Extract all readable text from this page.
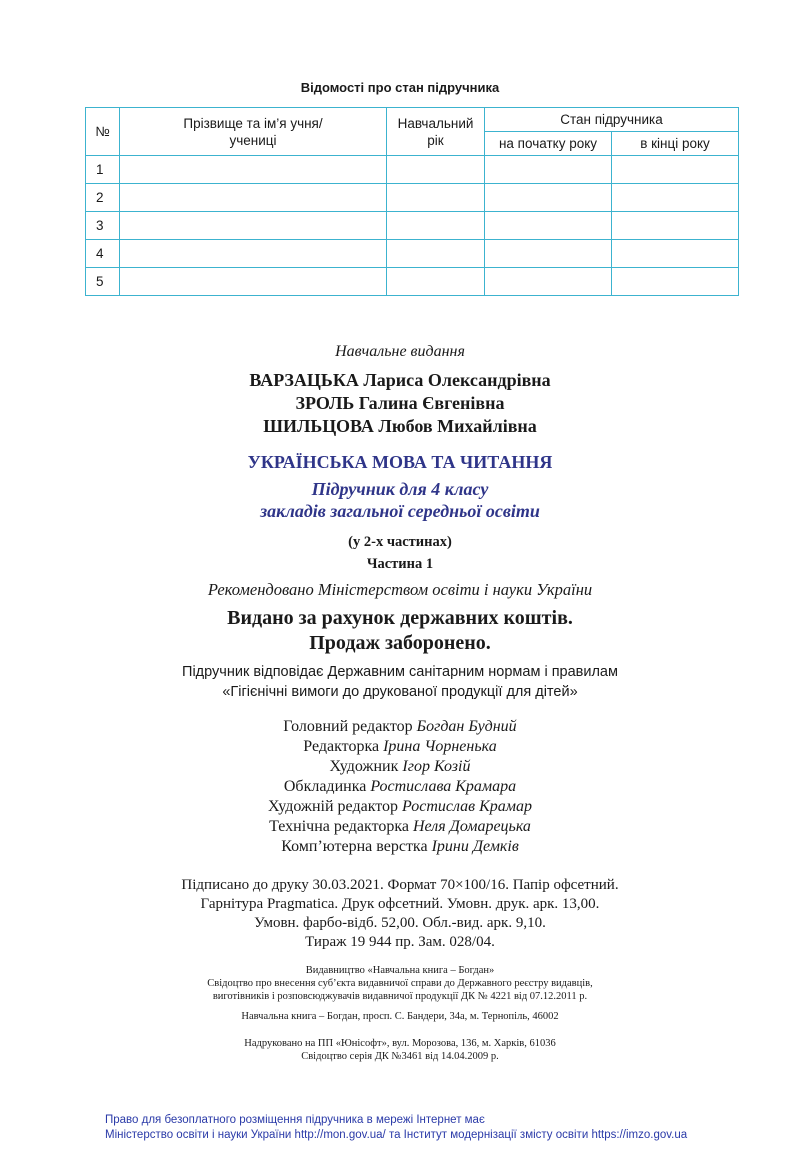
Відомості про стан підручника
№	Прізвище та ім’я учня/учениці	Навчальний рік	Стан підручника	
			на початку року	в кінці року
1				
2				
3				
4				
5				
Навчальне видання
ВАРЗАЦЬКА Лариса Олександрівна
ЗРОЛЬ Галина Євгенівна
ШИЛЬЦОВА Любов Михайлівна
УКРАЇНСЬКА МОВА ТА ЧИТАННЯ
Підручник для 4 класу
закладів загальної середньої освіти
(у 2-х частинах)
Частина 1
Рекомендовано Міністерством освіти і науки України
Видано за рахунок державних коштів.
Продаж заборонено.
Підручник відповідає Державним санітарним нормам і правилам
«Гігієнічні вимоги до друкованої продукції для дітей»
Головний редактор Богдан Будний
Редакторка Ірина Чорненька
Художник Ігор Козій
Обкладинка Ростислава Крамара
Художній редактор Ростислав Крамар
Технічна редакторка Неля Домарецька
Комп’ютерна верстка Ірини Демків
Підписано до друку 30.03.2021. Формат 70×100/16. Папір офсетний.
Гарнітура Pragmatica. Друк офсетний. Умовн. друк. арк. 13,00.
Умовн. фарбо-відб. 52,00. Обл.-вид. арк. 9,10.
Тираж 19 944 пр. Зам. 028/04.
Видавництво «Навчальна книга – Богдан»
Свідоцтво про внесення суб’єкта видавничої справи до Державного реєстру видавців,
виготівників і розповсюджувачів видавничої продукції ДК № 4221 від 07.12.2011 р.
Навчальна книга – Богдан, просп. С. Бандери, 34а, м. Тернопіль, 46002
Надруковано на ПП «Юнісофт», вул. Морозова, 136, м. Харків, 61036
Свідоцтво серія ДК №3461 від 14.04.2009 р.
Право для безоплатного розміщення підручника в мережі Інтернет має
Міністерство освіти і науки України http://mon.gov.ua/ та Інститут модернізації змісту освіти https://imzo.gov.ua
